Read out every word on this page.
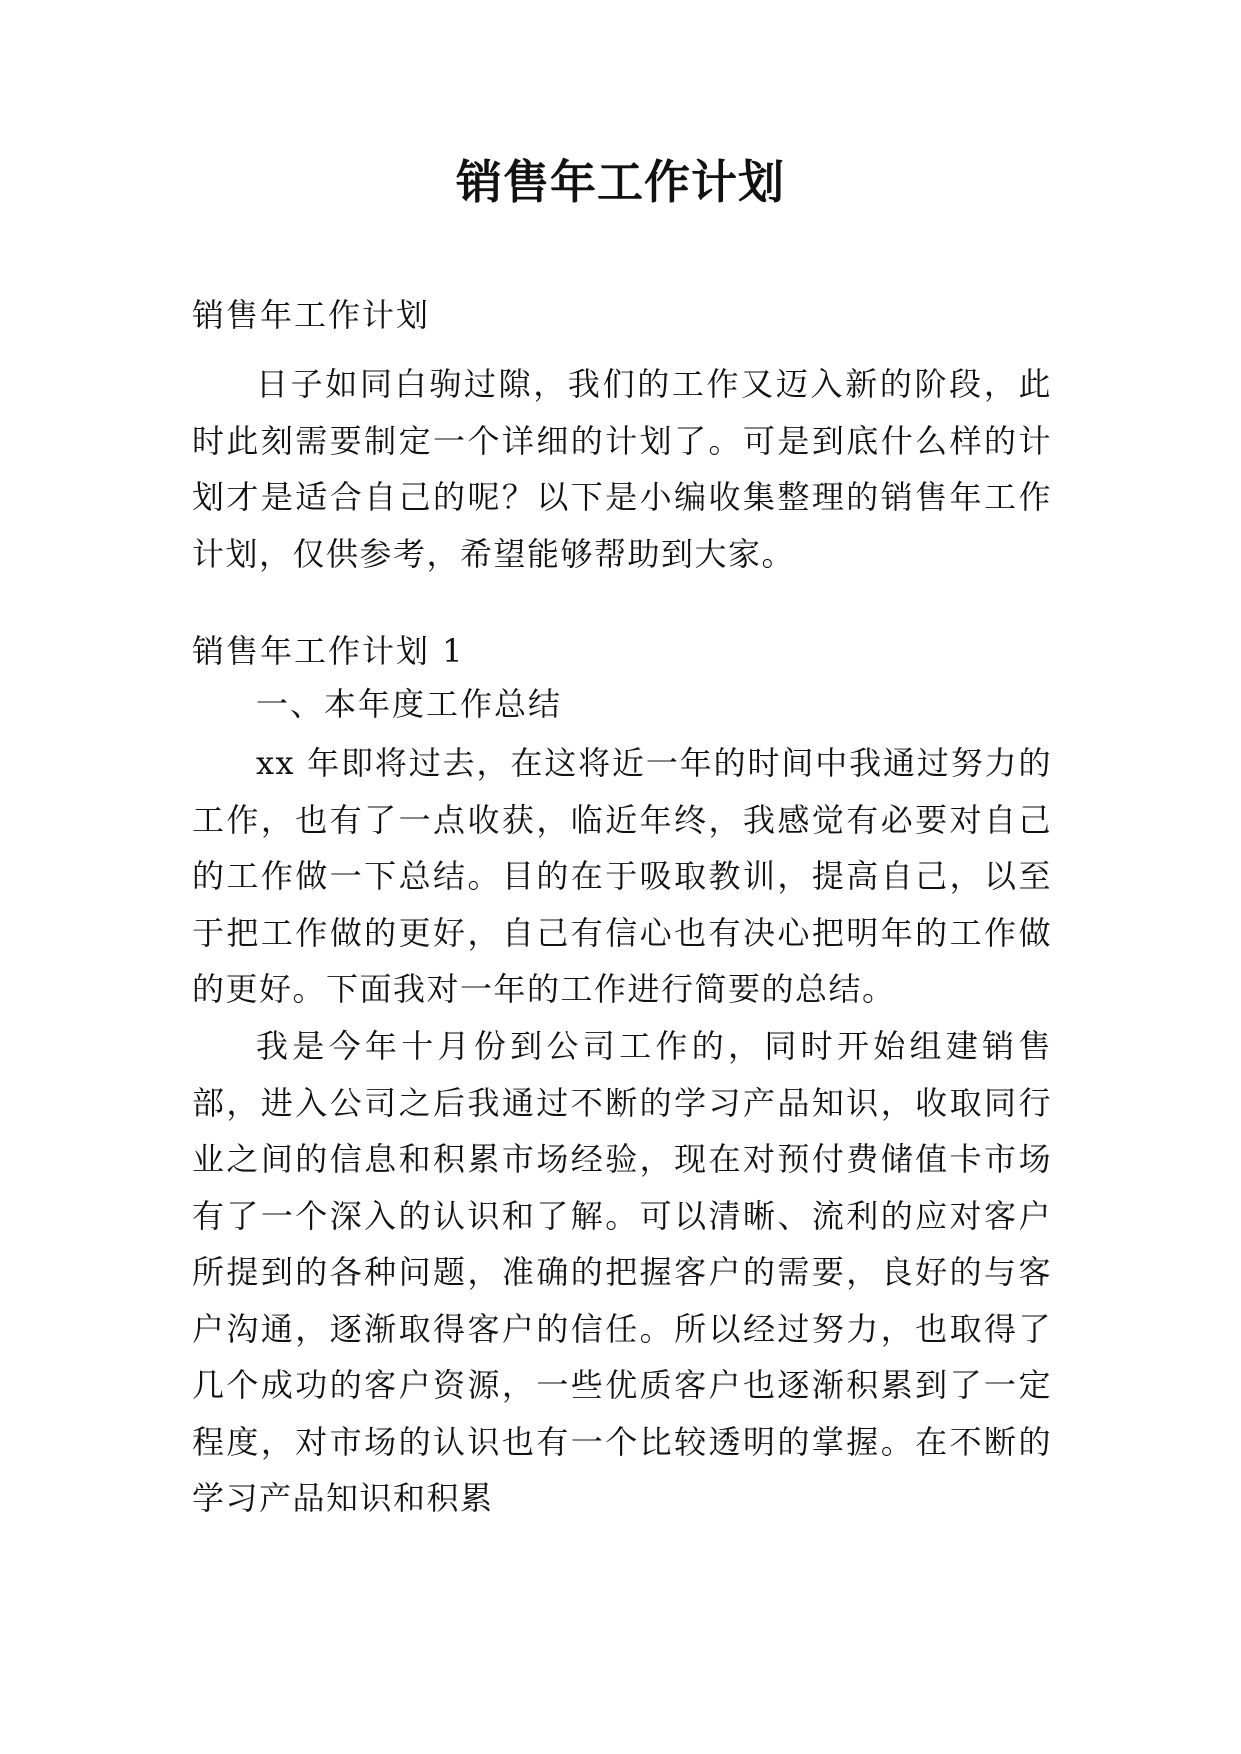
销售年工作计划

销售年工作计划

日子如同白驹过隙，我们的工作又迈入新的阶段，此时此刻需要制定一个详细的计划了。可是到底什么样的计划才是适合自己的呢？以下是小编收集整理的销售年工作计划，仅供参考，希望能够帮助到大家。

销售年工作计划 1

一、本年度工作总结

xx 年即将过去，在这将近一年的时间中我通过努力的工作，也有了一点收获，临近年终，我感觉有必要对自己的工作做一下总结。目的在于吸取教训，提高自己，以至于把工作做的更好，自己有信心也有决心把明年的工作做的更好。下面我对一年的工作进行简要的总结。

我是今年十月份到公司工作的，同时开始组建销售部，进入公司之后我通过不断的学习产品知识，收取同行业之间的信息和积累市场经验，现在对预付费储值卡市场有了一个深入的认识和了解。可以清晰、流利的应对客户所提到的各种问题，准确的把握客户的需要，良好的与客户沟通，逐渐取得客户的信任。所以经过努力，也取得了几个成功的客户资源，一些优质客户也逐渐积累到了一定程度，对市场的认识也有一个比较透明的掌握。在不断的学习产品知识和积累
